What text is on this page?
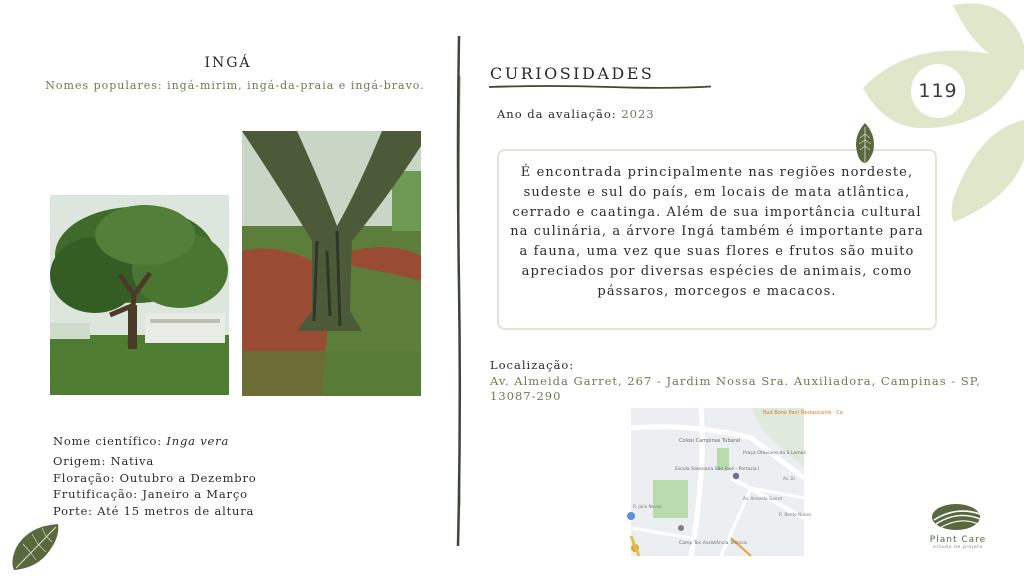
INGÁ
Nomes populares: ingá-mirim, ingá-da-praia e ingá-bravo.
Nome científico: Inga vera
Origem: Nativa
Floração: Outubro a Dezembro
Frutificação: Janeiro a Março
Porte: Até 15 metros de altura
CURIOSIDADES
Ano da avaliação: 2023
É encontrada principalmente nas regiões nordeste, sudeste e sul do país, em locais de mata atlântica, cerrado e caatinga. Além de sua importância cultural na culinária, a árvore Ingá também é importante para a fauna, uma vez que suas flores e frutos são muito apreciados por diversas espécies de animais, como pássaros, morcegos e macacos.
Localização:
Av. Almeida Garret, 267 - Jardim Nossa Sra. Auxiliadora, Campinas - SP, 13087-290
Bad Bone Pan/ Restaurante - Ca
Colosi Campinas Tubaral
Praça Otaviano da S Lemos
Escola Salesiana São José - Portaria I
Camp Tec Assistência Técnica
Av. Almeida Garret
R. Bento Nunes
R. Júlio Neves
Av. Dr
119
Plant Care
estudo de projeto
